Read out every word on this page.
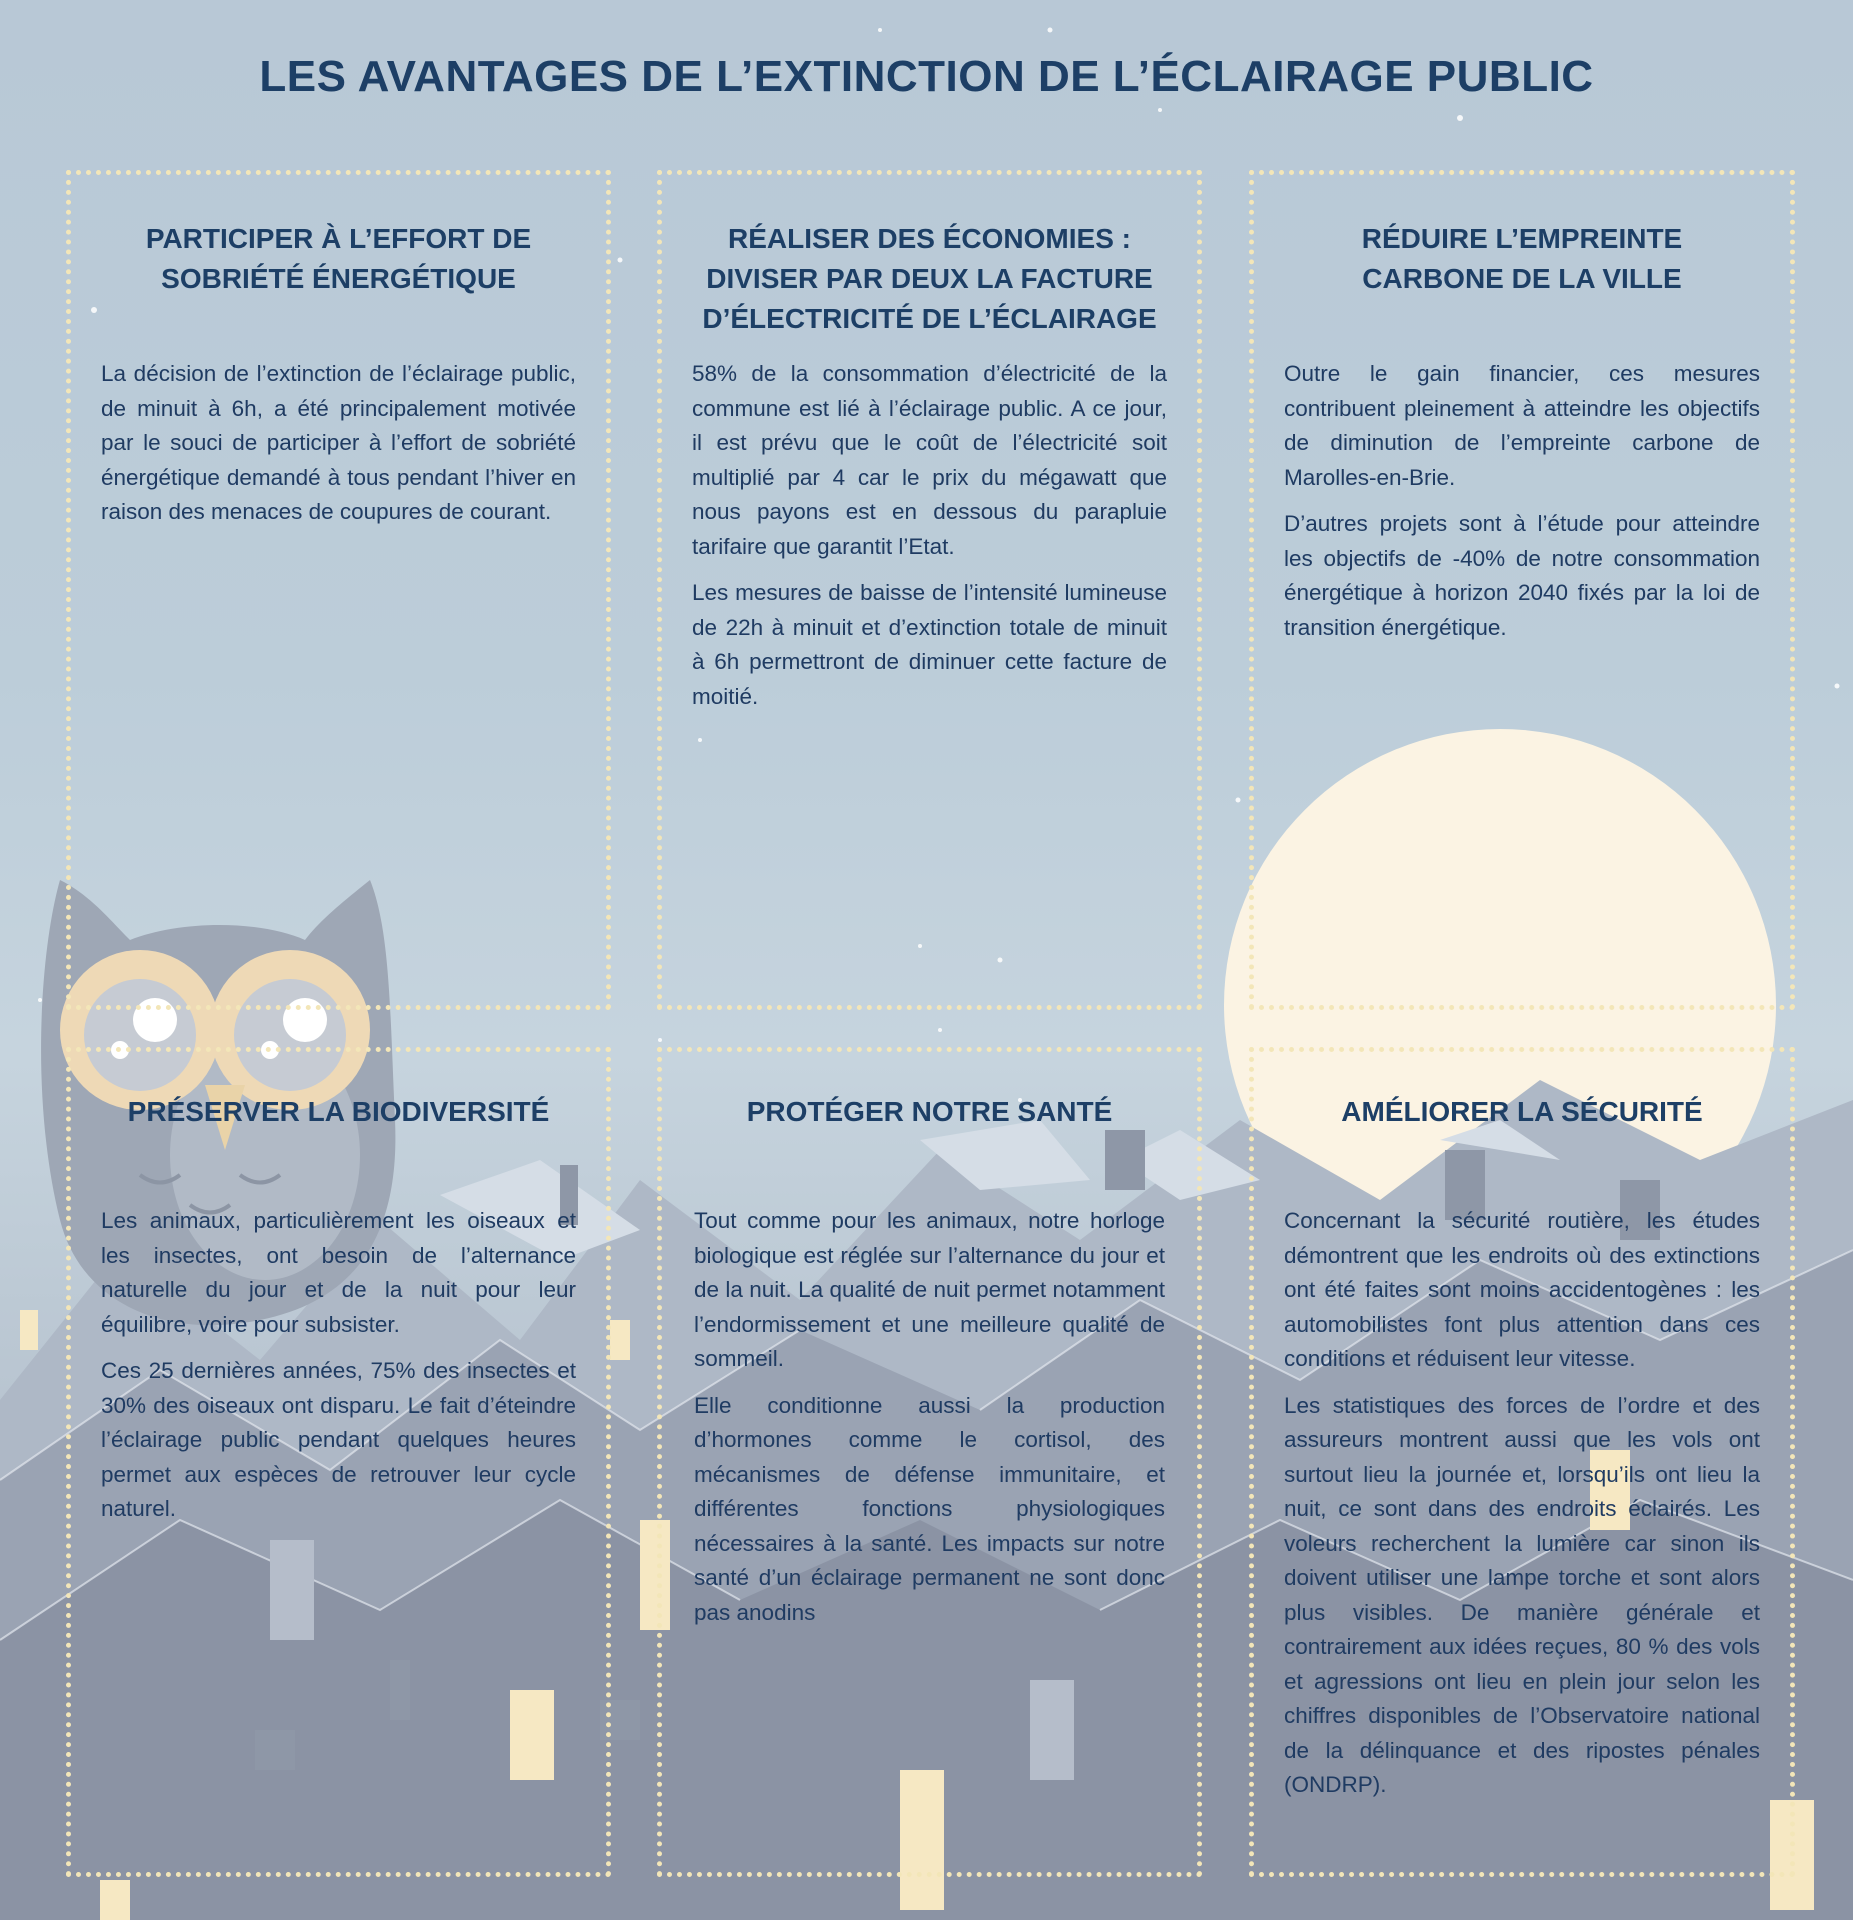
LES AVANTAGES DE L’EXTINCTION DE L’ÉCLAIRAGE PUBLIC
PARTICIPER À L’EFFORT DE SOBRIÉTÉ ÉNERGÉTIQUE

La décision de l’extinction de l’éclairage public, de minuit à 6h, a été principalement motivée par le souci de participer à l’effort de sobriété énergétique demandé à tous pendant l’hiver en raison des menaces de coupures de courant.

RÉALISER DES ÉCONOMIES : DIVISER PAR DEUX LA FACTURE D’ÉLECTRICITÉ DE L’ÉCLAIRAGE

58% de la consommation d’électricité de la commune est lié à l’éclairage public. A ce jour, il est prévu que le coût de l’électricité soit multiplié par 4 car le prix du mégawatt que nous payons est en dessous du parapluie tarifaire que garantit l’Etat.

Les mesures de baisse de l’intensité lumineuse de 22h à minuit et d’extinction totale de minuit à 6h permettront de diminuer cette facture de moitié.

RÉDUIRE L’EMPREINTE CARBONE DE LA VILLE

Outre le gain financier, ces mesures contribuent pleinement à atteindre les objectifs de diminution de l’empreinte carbone de Marolles-en-Brie.

D’autres projets sont à l’étude pour atteindre les objectifs de -40% de notre consommation énergétique à horizon 2040 fixés par la loi de transition énergétique.

PRÉSERVER LA BIODIVERSITÉ

Les animaux, particulièrement les oiseaux et les insectes, ont besoin de l’alternance naturelle du jour et de la nuit pour leur équilibre, voire pour subsister.

Ces 25 dernières années, 75% des insectes et 30% des oiseaux ont disparu. Le fait d’éteindre l’éclairage public pendant quelques heures permet aux espèces de retrouver leur cycle naturel.

PROTÉGER NOTRE SANTÉ

Tout comme pour les animaux, notre horloge biologique est réglée sur l’alternance du jour et de la nuit. La qualité de nuit permet notamment l’endormissement et une meilleure qualité de sommeil.

Elle conditionne aussi la production d’hormones comme le cortisol, des mécanismes de défense immunitaire, et différentes fonctions physiologiques nécessaires à la santé. Les impacts sur notre santé d’un éclairage permanent ne sont donc pas anodins

AMÉLIORER LA SÉCURITÉ

Concernant la sécurité routière, les études démontrent que les endroits où des extinctions ont été faites sont moins accidentogènes : les automobilistes font plus attention dans ces conditions et réduisent leur vitesse.

Les statistiques des forces de l’ordre et des assureurs montrent aussi que les vols ont surtout lieu la journée et, lorsqu’ils ont lieu la nuit, ce sont dans des endroits éclairés. Les voleurs recherchent la lumière car sinon ils doivent utiliser une lampe torche et sont alors plus visibles. De manière générale et contrairement aux idées reçues, 80 % des vols et agressions ont lieu en plein jour selon les chiffres disponibles de l’Observatoire national de la délinquance et des ripostes pénales (ONDRP).
